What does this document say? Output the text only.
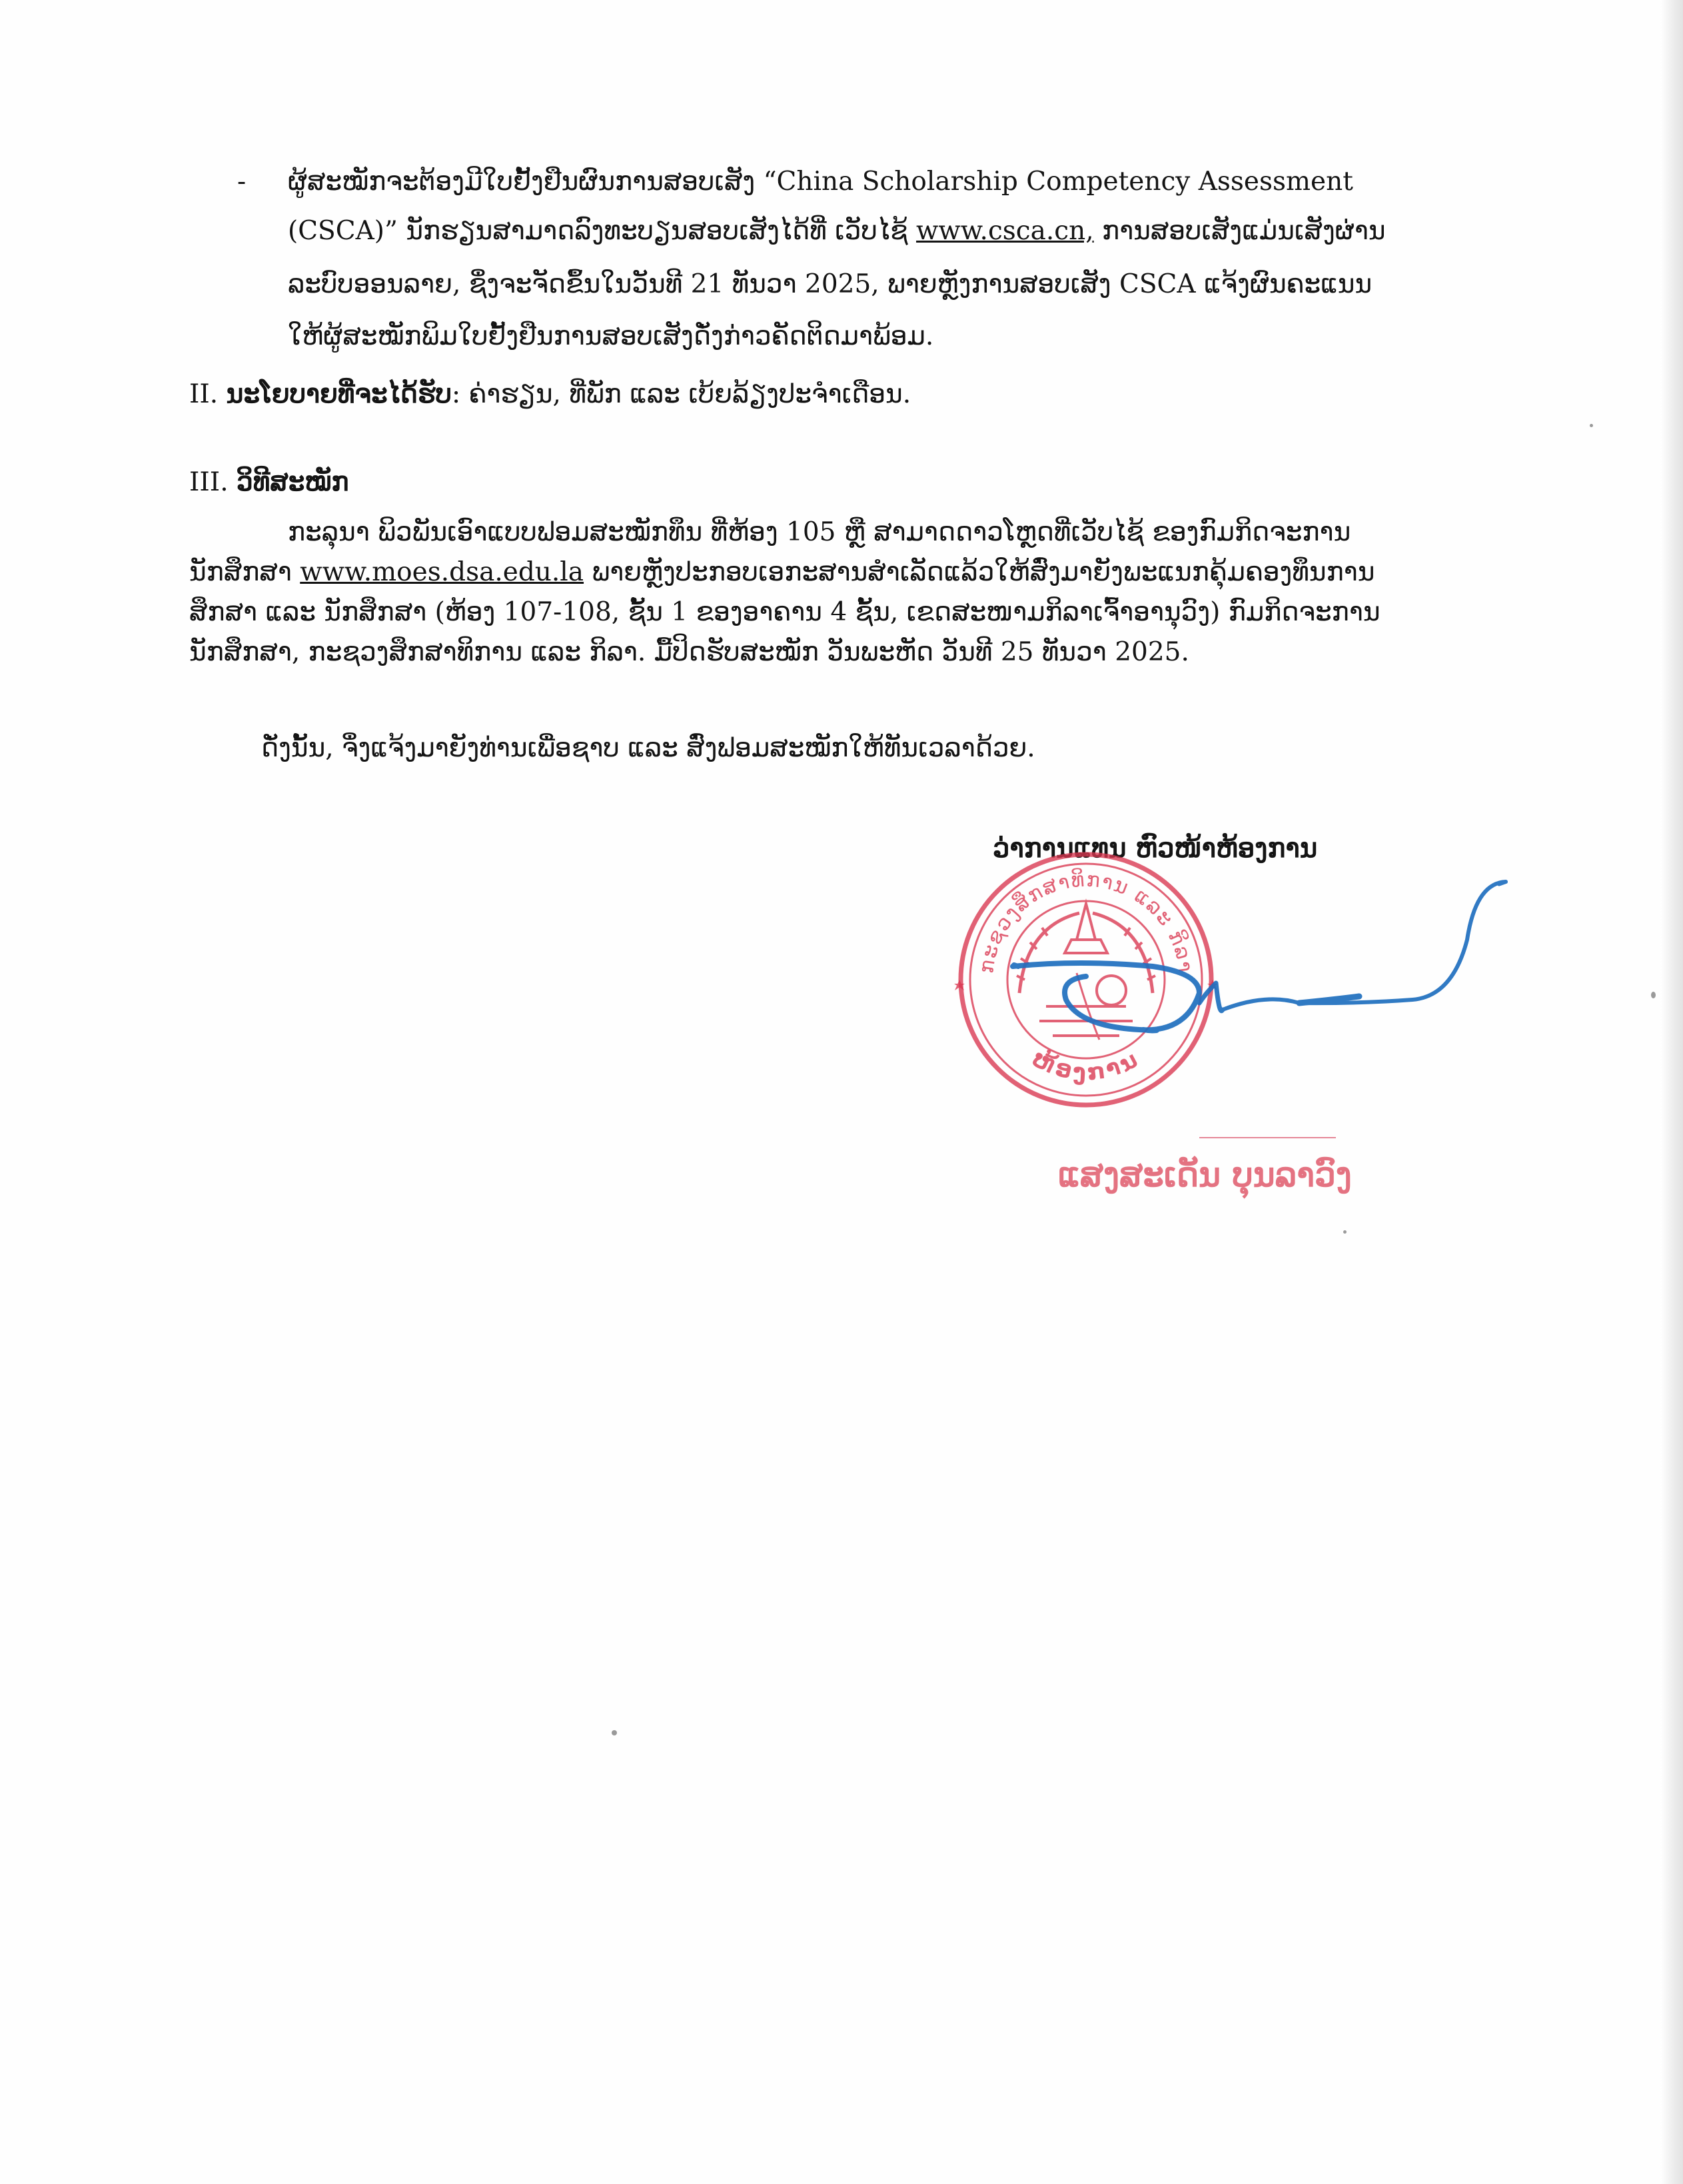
- ຜູ້ສະໝັກຈະຕ້ອງມີໃບຢັ້ງຢືນຜົນການສອບເສັງ “China Scholarship Competency Assessment
(CSCA)” ນັກຮຽນສາມາດລົງທະບຽນສອບເສັງໄດ້ທີ່ ເວັບໄຊ້ www.csca.cn, ການສອບເສັງແມ່ນເສັງຜ່ານ
ລະບົບອອນລາຍ, ຊຶ່ງຈະຈັດຂຶ້ນໃນວັນທີ 21 ທັນວາ 2025, ພາຍຫຼັງການສອບເສັງ CSCA ແຈ້ງຜົນຄະແນນ
ໃຫ້ຜູ້ສະໝັກພິມໃບຢັ້ງຢືນການສອບເສັງດັ່ງກ່າວຄັດຕິດມາພ້ອມ.
II. ນະໂຍບາຍທີ່ຈະໄດ້ຮັບ: ຄ່າຮຽນ, ທີ່ພັກ ແລະ ເບ້ຍລ້ຽງປະຈຳເດືອນ.
III. ວິທີສະໝັກ
ກະລຸນາ ພິວພັນເອົາແບບຟອມສະໝັກທຶນ ທີ່ຫ້ອງ 105 ຫຼື ສາມາດດາວໂຫຼດທີ່ເວັບໄຊ້ ຂອງກົມກິດຈະການ
ນັກສຶກສາ www.moes.dsa.edu.la ພາຍຫຼັງປະກອບເອກະສານສຳເລັດແລ້ວໃຫ້ສົ່ງມາຍັງພະແນກຄຸ້ມຄອງທຶນການ
ສຶກສາ ແລະ ນັກສຶກສາ (ຫ້ອງ 107-108, ຊັ້ນ 1 ຂອງອາຄານ 4 ຊັ້ນ, ເຂດສະໜາມກິລາເຈົ້າອານຸວົງ) ກົມກິດຈະການ
ນັກສຶກສາ, ກະຊວງສຶກສາທິການ ແລະ ກິລາ. ມື້ປິດຮັບສະໝັກ ວັນພະຫັດ ວັນທີ 25 ທັນວາ 2025.
ດັ່ງນັ້ນ, ຈຶ່ງແຈ້ງມາຍັງທ່ານເພື່ອຊາບ ແລະ ສົ່ງຟອມສະໝັກໃຫ້ທັນເວລາດ້ວຍ.
ວ່າການແທນ ຫົວໜ້າຫ້ອງການ
ກະຊວງສຶກສາທິການ ແລະ ກິລາ
ຫ້ອງການ
ແສງສະເດັນ ບຸນລາວົງ
